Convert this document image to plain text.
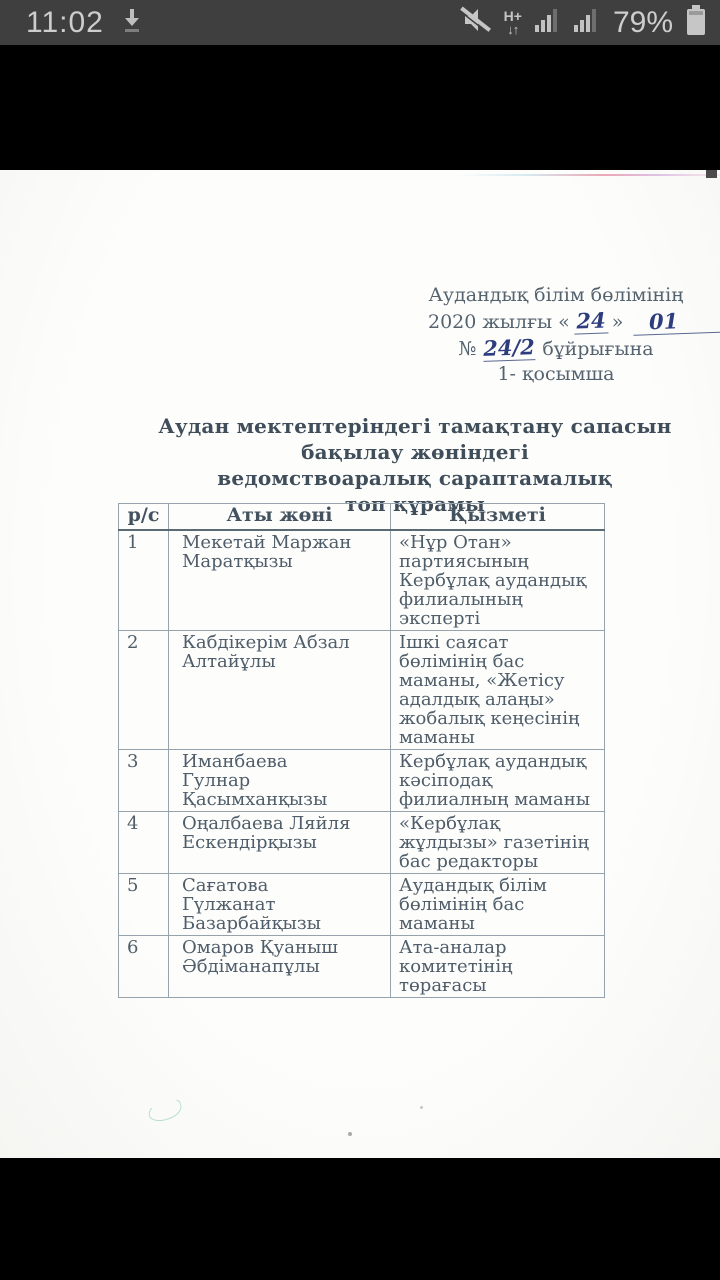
11:02	H+
↓↑	79%
Аудандық білім бөлімінің
2020 жылғы « 24 » 01
№ 24/2 бұйрығына
1- қосымша
Аудан мектептеріндегі тамақтану сапасын бақылау жөніндегі
ведомствоаралық сараптамалық
топ құрамы
р/с	Аты жөні	Қызметі
1	Мекетай Маржан Маратқызы	«Нұр Отан» партиясының Кербұлақ аудандық филиалының эксперті
2	Кабдікерім Абзал Алтайұлы	Ішкі саясат бөлімінің бас маманы, «Жетісу адалдық алаңы» жобалық кеңесінің маманы
3	Иманбаева Гулнар Қасымханқызы	Кербұлақ аудандық кәсіподақ филиалның маманы
4	Оңалбаева Ляйля Ескендірқызы	«Кербұлақ жұлдызы» газетінің бас редакторы
5	Сағатова Гүлжанат Базарбайқызы	Аудандық білім бөлімінің бас маманы
6	Омаров Қуаныш Әбдіманапұлы	Ата-аналар комитетінің төрағасы
